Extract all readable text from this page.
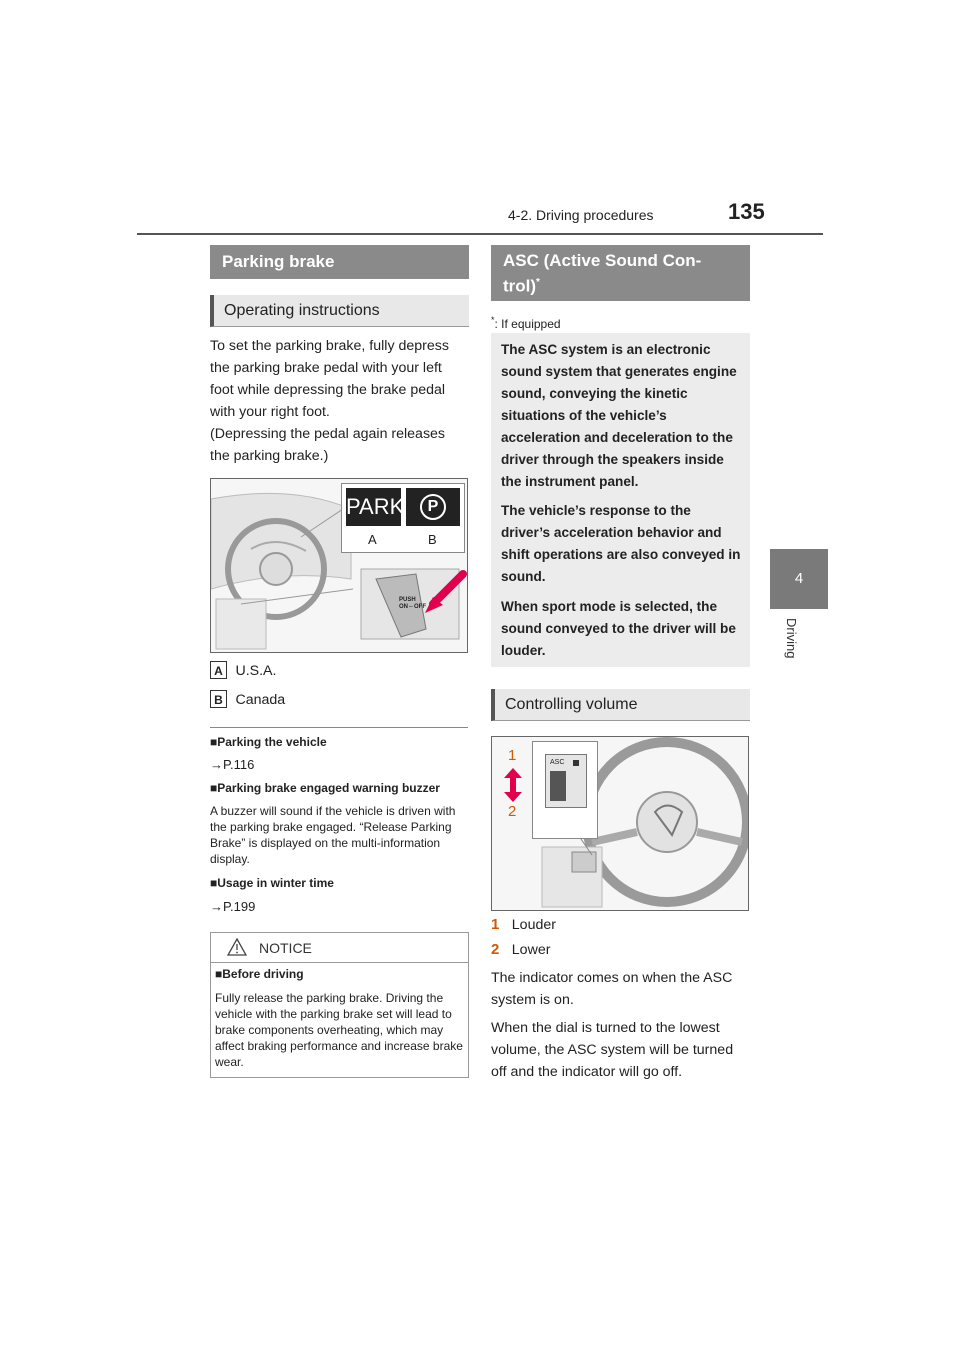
4-2. Driving procedures	135
4
Driving
Parking brake
Operating instructions
To set the parking brake, fully depress the parking brake pedal with your left foot while depressing the brake pedal with your right foot.
(Depressing the pedal again releases the parking brake.)
PARK	P
A	B
PUSH ON⇔OFF
A U.S.A.
B Canada
■Parking the vehicle
→P.116
■Parking brake engaged warning buzzer
A buzzer will sound if the vehicle is driven with the parking brake engaged. “Release Parking Brake” is displayed on the multi-information display.
■Usage in winter time
→P.199
NOTICE
■Before driving
Fully release the parking brake. Driving the vehicle with the parking brake set will lead to brake components overheating, which may affect braking performance and increase brake wear.
ASC (Active Sound Con-
trol)*
*: If equipped
The ASC system is an electronic sound system that generates engine sound, conveying the kinetic situations of the vehicle’s acceleration and deceleration to the driver through the speakers inside the instrument panel.
The vehicle’s response to the driver’s acceleration behavior and shift operations are also conveyed in sound.
When sport mode is selected, the sound conveyed to the driver will be louder.
Controlling volume
ASC
1
2
1 Louder
2 Lower
The indicator comes on when the ASC system is on.
When the dial is turned to the lowest volume, the ASC system will be turned off and the indicator will go off.
